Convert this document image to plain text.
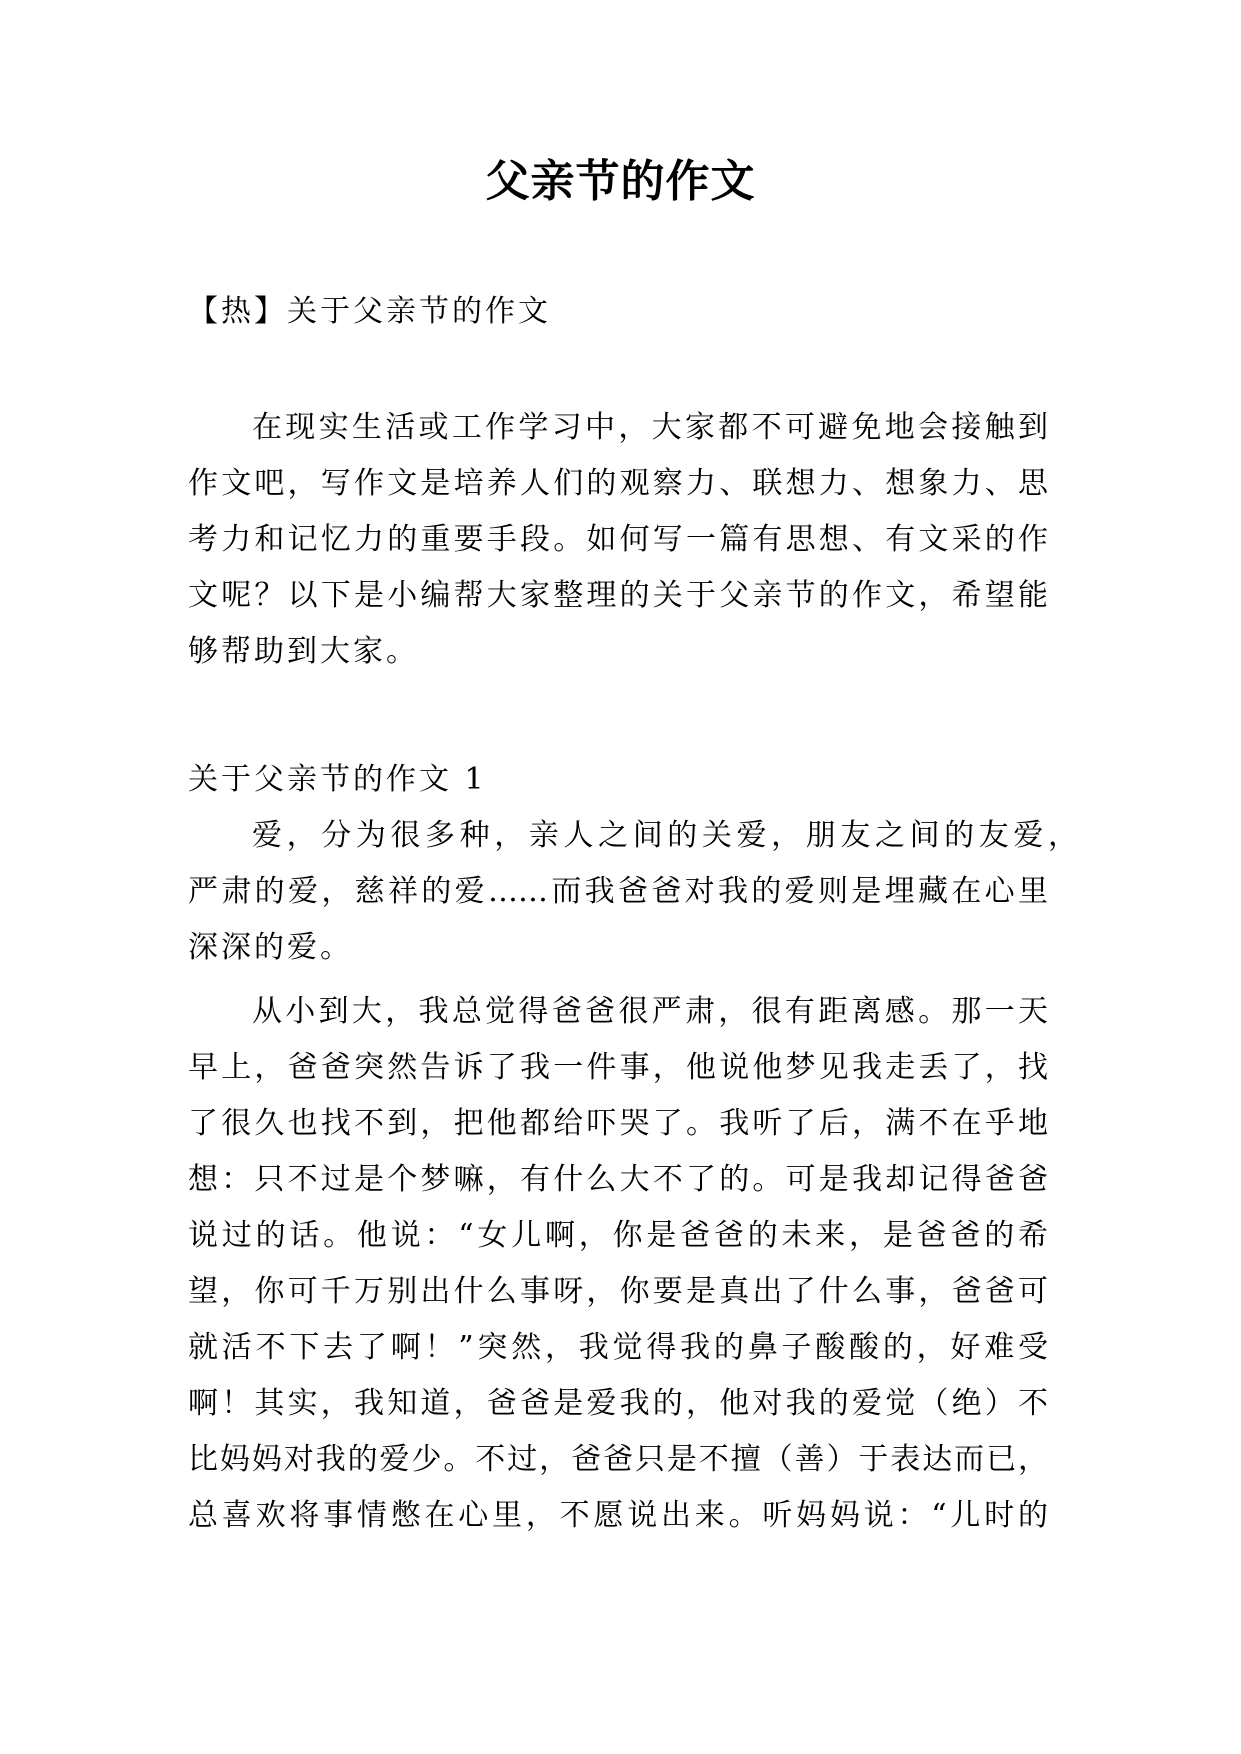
父亲节的作文

【热】关于父亲节的作文

在现实生活或工作学习中，大家都不可避免地会接触到
作文吧，写作文是培养人们的观察力、联想力、想象力、思
考力和记忆力的重要手段。如何写一篇有思想、有文采的作
文呢？以下是小编帮大家整理的关于父亲节的作文，希望能
够帮助到大家。
关于父亲节的作文 1
爱，分为很多种，亲人之间的关爱，朋友之间的友爱，
严肃的爱，慈祥的爱……而我爸爸对我的爱则是埋藏在心里
深深的爱。
从小到大，我总觉得爸爸很严肃，很有距离感。那一天
早上，爸爸突然告诉了我一件事，他说他梦见我走丢了，找
了很久也找不到，把他都给吓哭了。我听了后，满不在乎地
想：只不过是个梦嘛，有什么大不了的。可是我却记得爸爸
说过的话。他说：“女儿啊，你是爸爸的未来，是爸爸的希
望，你可千万别出什么事呀，你要是真出了什么事，爸爸可
就活不下去了啊！”突然，我觉得我的鼻子酸酸的，好难受
啊！其实，我知道，爸爸是爱我的，他对我的爱觉（绝）不
比妈妈对我的爱少。不过，爸爸只是不擅（善）于表达而已，
总喜欢将事情憋在心里，不愿说出来。听妈妈说：“儿时的
